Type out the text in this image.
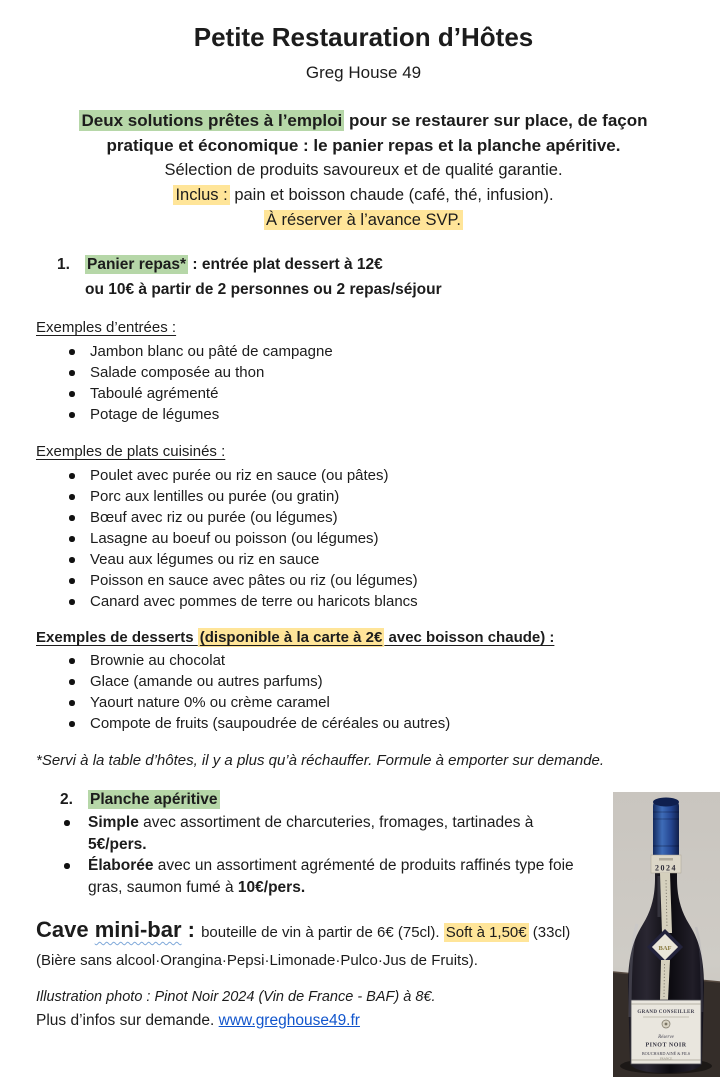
Petite Restauration d’Hôtes
Greg House 49
Deux solutions prêtes à l’emploi pour se restaurer sur place, de façon
pratique et économique : le panier repas et la planche apéritive.
Sélection de produits savoureux et de qualité garantie.
Inclus : pain et boisson chaude (café, thé, infusion).
À réserver à l’avance SVP.
1.	Panier repas* : entrée plat dessert à 12€
ou 10€ à partir de 2 personnes ou 2 repas/séjour
Exemples d’entrées :
Jambon blanc ou pâté de campagne
Salade composée au thon
Taboulé agrémenté
Potage de légumes
Exemples de plats cuisinés :
Poulet avec purée ou riz en sauce (ou pâtes)
Porc aux lentilles ou purée (ou gratin)
Bœuf avec riz ou purée (ou légumes)
Lasagne au boeuf ou poisson (ou légumes)
Veau aux légumes ou riz en sauce
Poisson en sauce avec pâtes ou riz (ou légumes)
Canard avec pommes de terre ou haricots blancs
Exemples de desserts (disponible à la carte à 2€ avec boisson chaude) :
Brownie au chocolat
Glace (amande ou autres parfums)
Yaourt nature 0% ou crème caramel
Compote de fruits (saupoudrée de céréales ou autres)
*Servi à la table d’hôtes, il y a plus qu’à réchauffer. Formule à emporter sur demande.
2.	Planche apéritive
Simple avec assortiment de charcuteries, fromages, tartinades à 5€/pers.
Élaborée avec un assortiment agrémenté de produits raffinés type foie gras, saumon fumé à 10€/pers.
Cave mini-bar : bouteille de vin à partir de 6€ (75cl). Soft à 1,50€ (33cl)
(Bière sans alcool·Orangina·Pepsi·Limonade·Pulco·Jus de Fruits).
Illustration photo : Pinot Noir 2024 (Vin de France - BAF) à 8€.
Plus d’infos sur demande. www.greghouse49.fr
2024
BAF
GRAND CONSEILLER
Réserve
PINOT NOIR
BOUCHARD AINÉ & FILS
FRANCE
